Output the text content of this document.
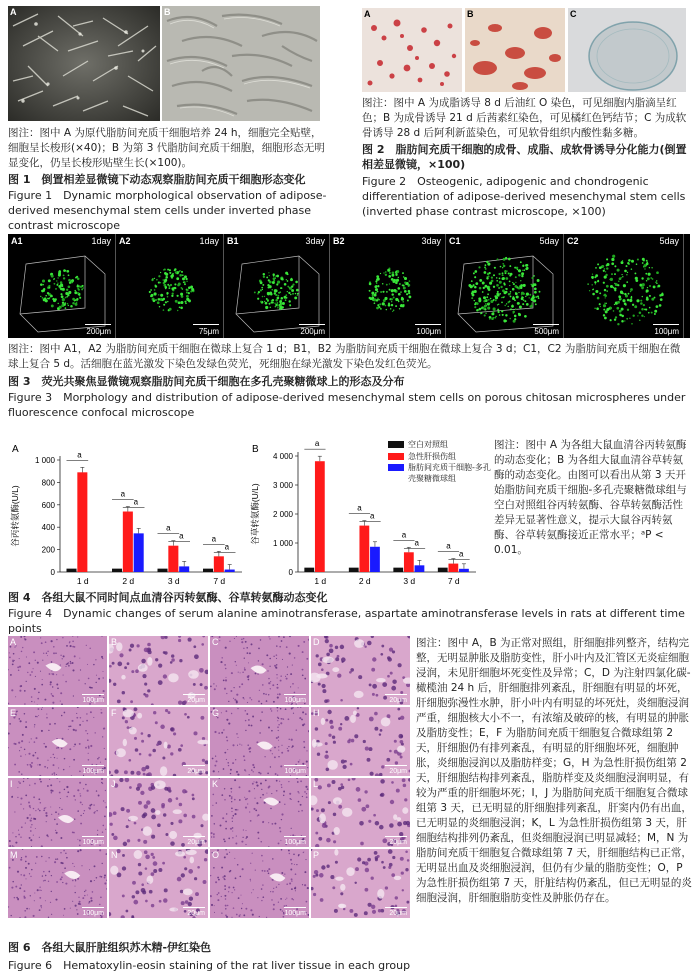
A	B
图注：图中 A 为原代脂肪间充质干细胞培养 24 h，细胞完全贴壁，细胞呈长梭形(×40)；B 为第 3 代脂肪间充质干细胞，细胞形态无明显变化，仍呈长梭形贴壁生长(×100)。
图 1　倒置相差显微镜下动态观察脂肪间充质干细胞形态变化
Figure 1　Dynamic morphological observation of adipose-derived mesenchymal stem cells under inverted phase contrast microscope
A	B	C
图注：图中 A 为成脂诱导 8 d 后油红 O 染色，可见细胞内脂滴呈红色；B 为成骨诱导 21 d 后茜素红染色，可见橘红色钙结节；C 为成软骨诱导 28 d 后阿利新蓝染色，可见软骨组织内酸性黏多糖。
图 2　脂肪间充质干细胞的成骨、成脂、成软骨诱导分化能力(倒置相差显微镜，×100)
Figure 2　Osteogenic, adipogenic and chondrogenic differentiation of adipose-derived mesenchymal stem cells (inverted phase contrast microscope, ×100)
A1	1day
200μm
A2	1day
75μm
B1	3day
200μm
B2	3day
100μm
C1	5day
500μm
C2	5day
100μm
图注：图中 A1，A2 为脂肪间充质干细胞在微球上复合 1 d；B1，B2 为脂肪间充质干细胞在微球上复合 3 d；C1，C2 为脂肪间充质干细胞在微球上复合 5 d。活细胞在蓝光激发下染色发绿色荧光，死细胞在绿光激发下染色发红色荧光。
图 3　荧光共聚焦显微镜观察脂肪间充质干细胞在多孔壳聚糖微球上的形态及分布
Figure 3　Morphology and distribution of adipose-derived mesenchymal stem cells on porous chitosan microspheres under fluorescence confocal microscope
A
谷丙转氨酶(U/L)
0
200
400
600
800
1 000
a
1 d
a
a
2 d
a
a
3 d
a
a
7 d
B
谷草转氨酶(U/L)
0
1 000
2 000
3 000
4 000
a
1 d
a
a
2 d
a
a
3 d
a
a
7 d
空白对照组
急性肝损伤组
脂肪间充质干细胞-多孔壳聚糖微球组
图注：图中 A 为各组大鼠血清谷丙转氨酶的动态变化；B 为各组大鼠血清谷草转氨酶的动态变化。由图可以看出从第 3 天开始脂肪间充质干细胞-多孔壳聚糖微球组与空白对照组谷丙转氨酶、谷草转氨酶活性差异无显著性意义，提示大鼠谷丙转氨酶、谷草转氨酶接近正常水平；ᵃP < 0.01。
图 4　各组大鼠不同时间点血清谷丙转氨酶、谷草转氨酶动态变化
Figure 4　Dynamic changes of serum alanine aminotransferase, aspartate aminotransferase levels in rats at different time points
A
100μm
B
20μm
C
100μm
D
20μm
E
100μm
F
20μm
G
100μm
H
20μm
I
100μm
J
20μm
K
100μm
L
20μm
M
100μm
N
20μm
O
100μm
P
20μm
图注：图中 A，B 为正常对照组，肝细胞排列整齐，结构完整，无明显肿胀及脂肪变性，肝小叶内及汇管区无炎症细胞浸润，未见肝细胞坏死变性及异常；C，D 为注射四氯化碳-橄榄油 24 h 后，肝细胞排列紊乱，肝细胞有明显的坏死，肝细胞弥漫性水肿，肝小叶内有明显的坏死灶，炎细胞浸润严重，细胞核大小不一，有浓缩及破碎的核，有明显的肿胀及脂肪变性；E，F 为脂肪间充质干细胞复合微球组第 2 天，肝细胞仍有排列紊乱，有明显的肝细胞坏死，细胞肿胀，炎细胞浸润以及脂肪样变；G，H 为急性肝损伤组第 2 天，肝细胞结构排列紊乱，脂肪样变及炎细胞浸润明显，有较为严重的肝细胞坏死；I，J 为脂肪间充质干细胞复合微球组第 3 天，已无明显的肝细胞排列紊乱，肝窦内仍有出血，已无明显的炎细胞浸润；K，L 为急性肝损伤组第 3 天，肝细胞结构排列仍紊乱，但炎细胞浸润已明显减轻；M，N 为脂肪间充质干细胞复合微球组第 7 天，肝细胞结构已正常，无明显出血及炎细胞浸润，但仍有少量的脂肪变性；O，P 为急性肝损伤组第 7 天，肝脏结构仍紊乱，但已无明显的炎细胞浸润，肝细胞脂肪变性及肿胀仍存在。
图 6　各组大鼠肝脏组织苏木精-伊红染色
Figure 6　Hematoxylin-eosin staining of the rat liver tissue in each group
